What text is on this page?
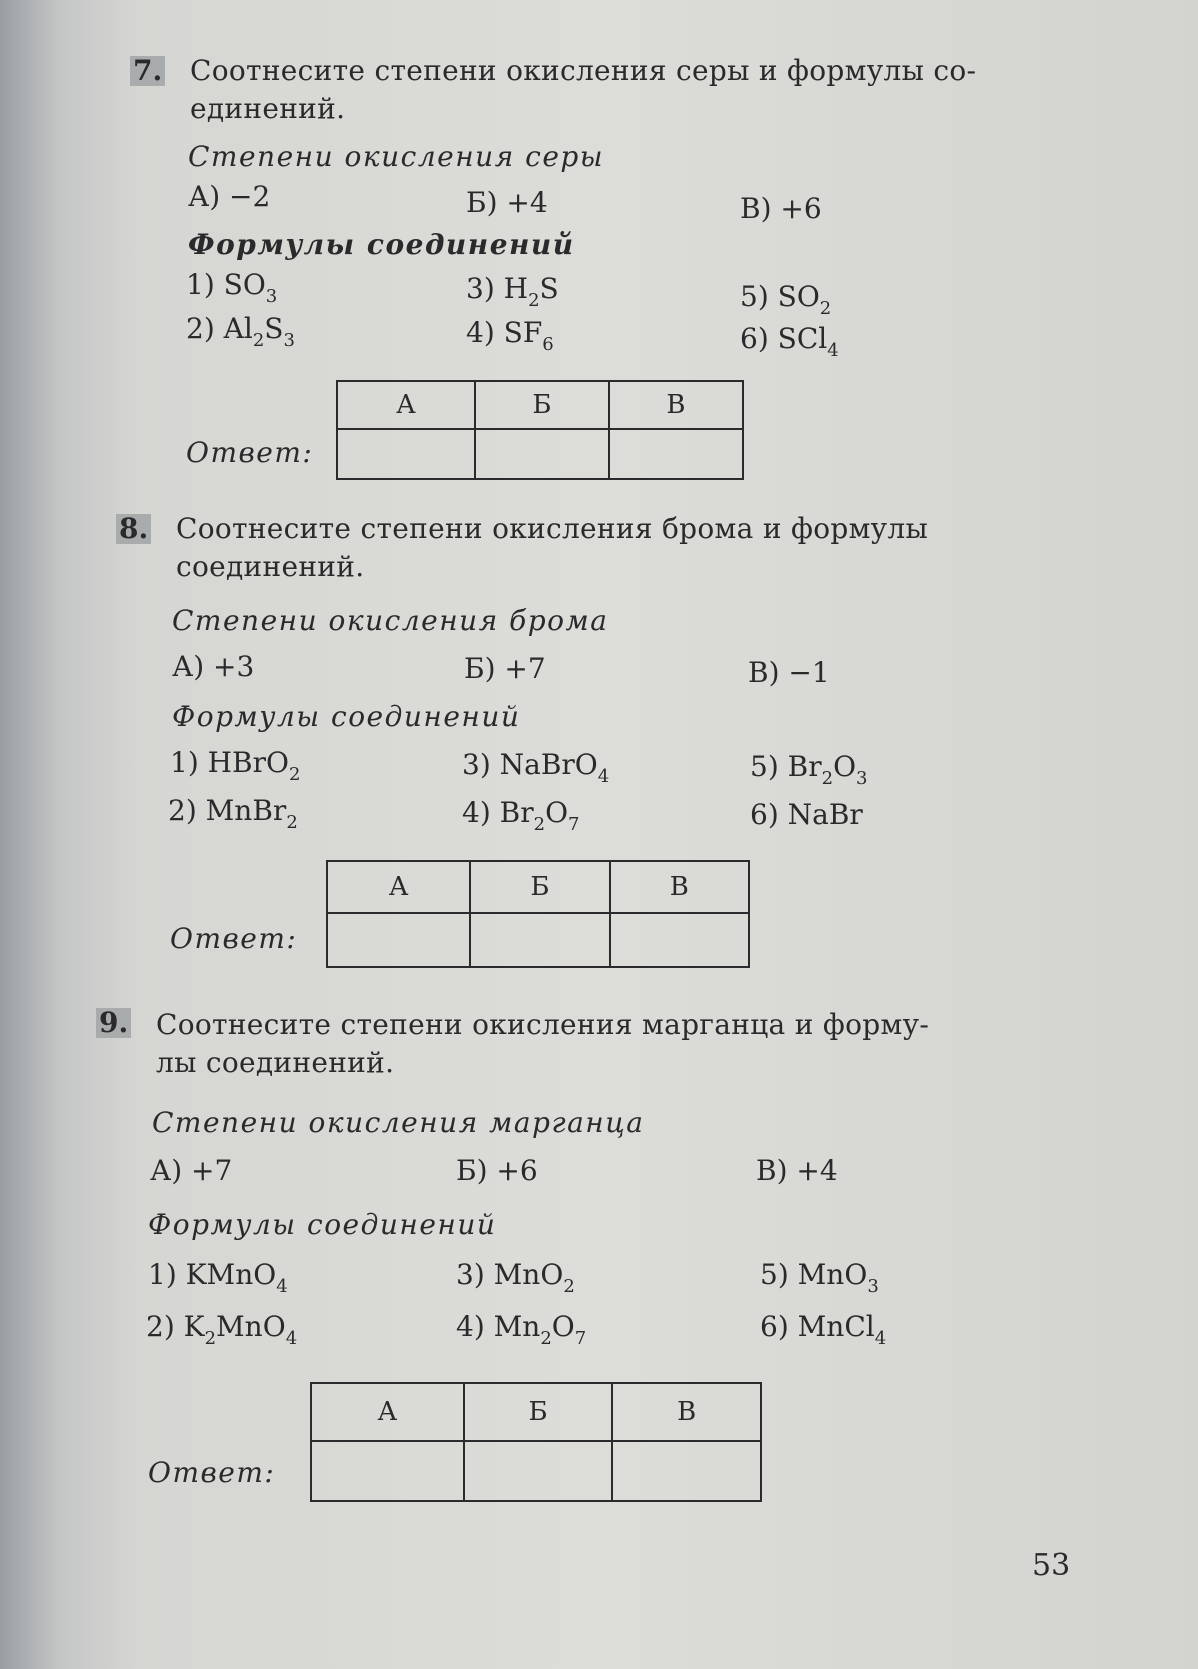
7. Соотнесите степени окисления серы и формулы со-
единений.
Степени окисления серы
А) −2	Б) +4	В) +6
Формулы соединений
1) $SO_3$	3) $H_2S$	5) $SO_2$
2) $Al_2S_3$	4) $SF_6$	6) SCl$_4$
Ответ:
А	Б	В

8. Соотнесите степени окисления брома и формулы
соединений.
Степени окисления брома
А) +3	Б) +7	В) −1
Формулы соединений
1) HBrO$_2$	3) NaBrO$_4$	5) $Br_2O_3$
2) MnBr$_2$	4) $Br_2O_7$	6) NaBr
Ответ:
А	Б	В

9. Соотнесите степени окисления марганца и форму-
лы соединений.
Степени окисления марганца
А) +7	Б) +6	В) +4
Формулы соединений
1) KMnO$_4$	3) MnO$_2$	5) MnO$_3$
2) $K_2MnO_4$	4) $Mn_2O_7$	6) MnCl$_4$
Ответ:
А	Б	В

53
